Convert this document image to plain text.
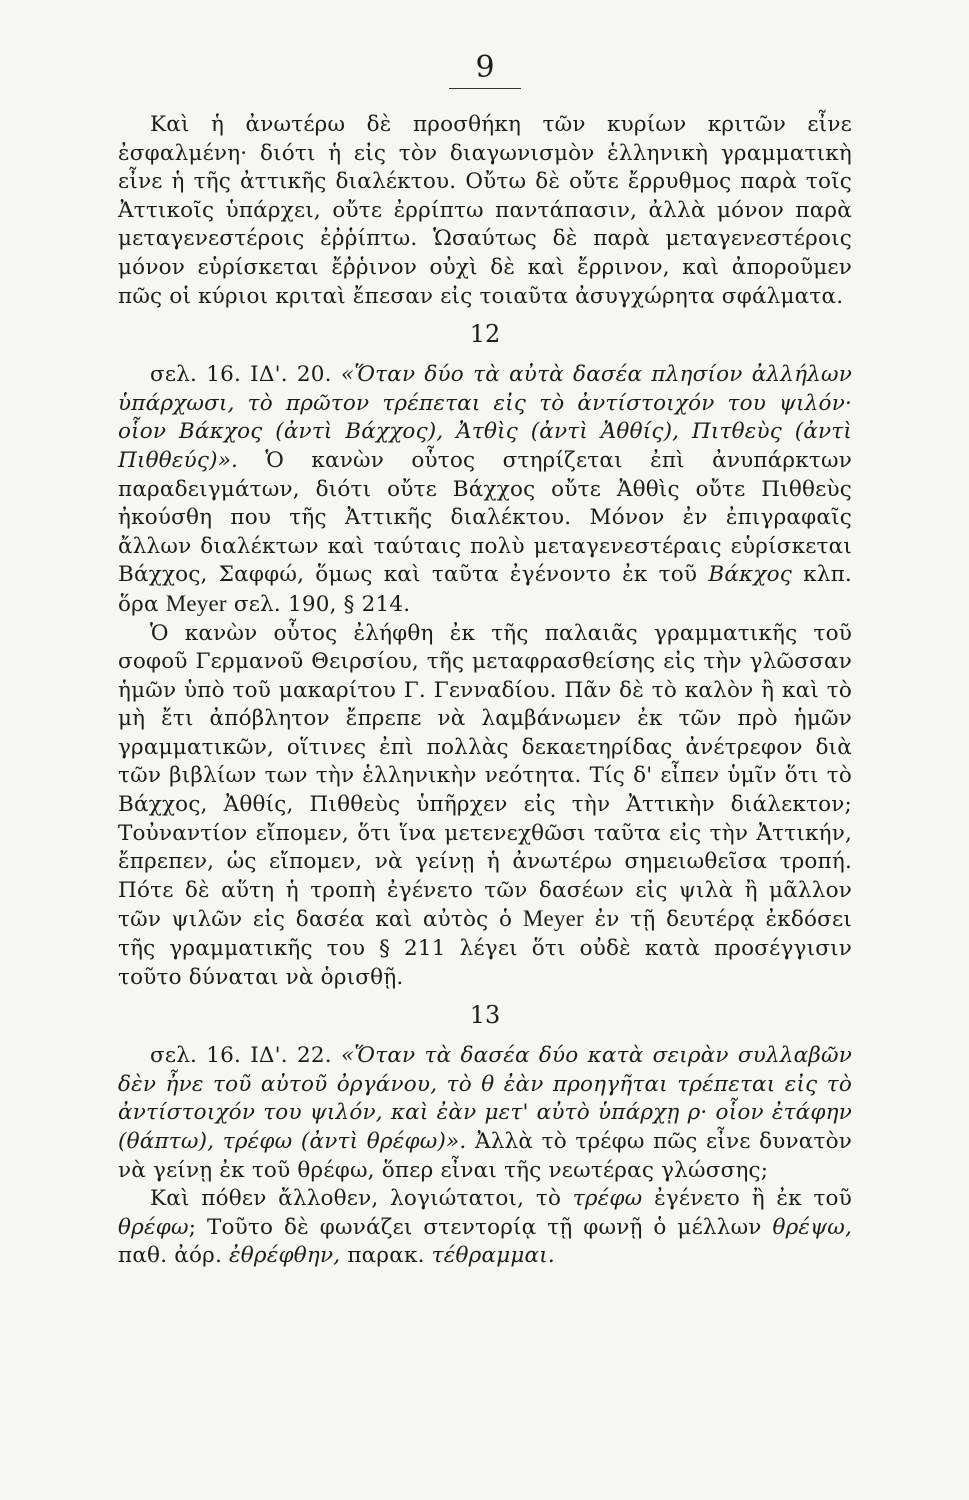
9

Καὶ ἡ ἀνωτέρω δὲ προσθήκη τῶν κυρίων κριτῶν εἶνε ἐσφαλμένη· διότι ἡ εἰς τὸν διαγωνισμὸν ἑλληνικὴ γραμματικὴ εἶνε ἡ τῆς ἀττικῆς διαλέκτου. Οὔτω δὲ οὔτε ἔρρυθμος παρὰ τοῖς Ἀττικοῖς ὑπάρχει, οὔτε ἐρρίπτω παντάπασιν, ἀλλὰ μόνον παρὰ μεταγενεστέροις ἐῤῥίπτω. Ὡσαύτως δὲ παρὰ μεταγενεστέροις μόνον εὑρίσκεται ἔῤῥινον οὐχὶ δὲ καὶ ἔρρινον, καὶ ἀποροῦμεν πῶς οἱ κύριοι κριταὶ ἔπεσαν εἰς τοιαῦτα ἀσυγχώρητα σφάλματα.

12

σελ. 16. ΙΔ'. 20. «Ὅταν δύο τὰ αὐτὰ δασέα πλησίον ἀλλήλων ὑπάρχωσι, τὸ πρῶτον τρέπεται εἰς τὸ ἀντίστοιχόν του ψιλόν· οἷον Βάκχος (ἀντὶ Βάχχος), Ἀτθὶς (ἀντὶ Ἀθθίς), Πιτθεὺς (ἀντὶ Πιθθεύς)». Ὁ κανὼν οὗτος στηρίζεται ἐπὶ ἀνυπάρκτων παραδειγμάτων, διότι οὔτε Βάχχος οὔτε Ἀθθὶς οὔτε Πιθθεὺς ἠκούσθη που τῆς Ἀττικῆς διαλέκτου. Μόνον ἐν ἐπιγραφαῖς ἄλλων διαλέκτων καὶ ταύταις πολὺ μεταγενεστέραις εὑρίσκεται Βάχχος, Σαφφώ, ὅμως καὶ ταῦτα ἐγένοντο ἐκ τοῦ Βάκχος κλπ. ὅρα Meyer σελ. 190, § 214.

Ὁ κανὼν οὗτος ἐλήφθη ἐκ τῆς παλαιᾶς γραμματικῆς τοῦ σοφοῦ Γερμανοῦ Θειρσίου, τῆς μεταφρασθείσης εἰς τὴν γλῶσσαν ἡμῶν ὑπὸ τοῦ μακαρίτου Γ. Γενναδίου. Πᾶν δὲ τὸ καλὸν ἢ καὶ τὸ μὴ ἔτι ἀπόβλητον ἔπρεπε νὰ λαμβάνωμεν ἐκ τῶν πρὸ ἡμῶν γραμματικῶν, οἵτινες ἐπὶ πολλὰς δεκαετηρίδας ἀνέτρεφον διὰ τῶν βιβλίων των τὴν ἑλληνικὴν νεότητα. Τίς δ' εἶπεν ὑμῖν ὅτι τὸ Βάχχος, Ἀθθίς, Πιθθεὺς ὑπῆρχεν εἰς τὴν Ἀττικὴν διάλεκτον; Τοὐναντίον εἴπομεν, ὅτι ἵνα μετενεχθῶσι ταῦτα εἰς τὴν Ἀττικήν, ἔπρεπεν, ὡς εἴπομεν, νὰ γείνῃ ἡ ἀνωτέρω σημειωθεῖσα τροπή. Πότε δὲ αὕτη ἡ τροπὴ ἐγένετο τῶν δασέων εἰς ψιλὰ ἢ μᾶλλον τῶν ψιλῶν εἰς δασέα καὶ αὐτὸς ὁ Meyer ἐν τῇ δευτέρᾳ ἐκδόσει τῆς γραμματικῆς του § 211 λέγει ὅτι οὐδὲ κατὰ προσέγγισιν τοῦτο δύναται νὰ ὁρισθῇ.

13

σελ. 16. ΙΔ'. 22. «Ὅταν τὰ δασέα δύο κατὰ σειρὰν συλλαβῶν δὲν ἦνε τοῦ αὐτοῦ ὀργάνου, τὸ θ ἐὰν προηγῆται τρέπεται εἰς τὸ ἀντίστοιχόν του ψιλόν, καὶ ἐὰν μετ' αὐτὸ ὑπάρχῃ ρ· οἷον ἐτάφην (θάπτω), τρέφω (ἀντὶ θρέφω)». Ἀλλὰ τὸ τρέφω πῶς εἶνε δυνατὸν νὰ γείνῃ ἐκ τοῦ θρέφω, ὅπερ εἶναι τῆς νεωτέρας γλώσσης;

Καὶ πόθεν ἄλλοθεν, λογιώτατοι, τὸ τρέφω ἐγένετο ἢ ἐκ τοῦ θρέφω; Τοῦτο δὲ φωνάζει στεντορίᾳ τῇ φωνῇ ὁ μέλλων θρέψω, παθ. ἀόρ. ἐθρέφθην, παρακ. τέθραμμαι.
